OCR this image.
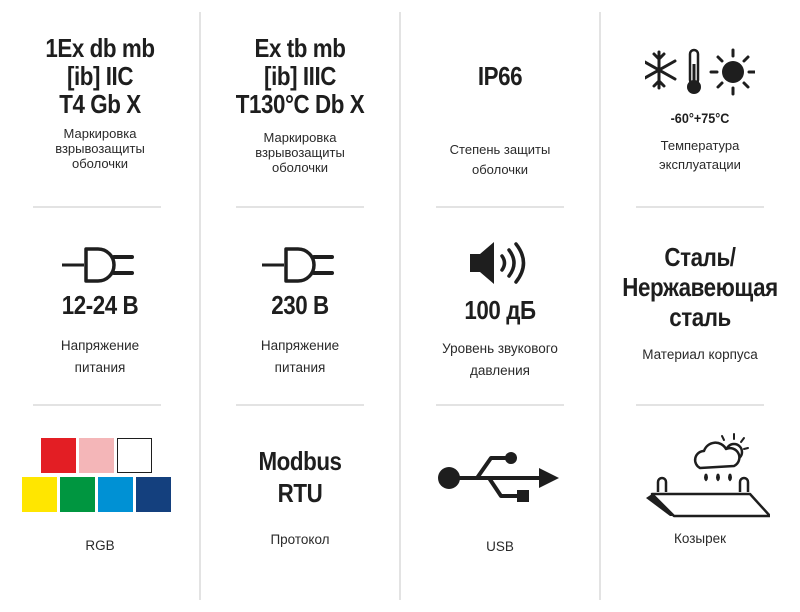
1Ex db mb
[ib] IIC
T4 Gb X
Маркировка
взрывозащиты
оболочки
Ex tb mb
[ib] IIIC
T130°C Db X
Маркировка
взрывозащиты
оболочки
IP66
Степень защиты
оболочки
-60°+75°C
Температура
эксплуатации
12-24 В
Напряжение
питания
230 В
Напряжение
питания
100 дБ
Уровень звукового
давления
Сталь/
Нержавеющая
сталь
Материал корпуса
RGB
Modbus
RTU
Протокол	USB
Козырек
